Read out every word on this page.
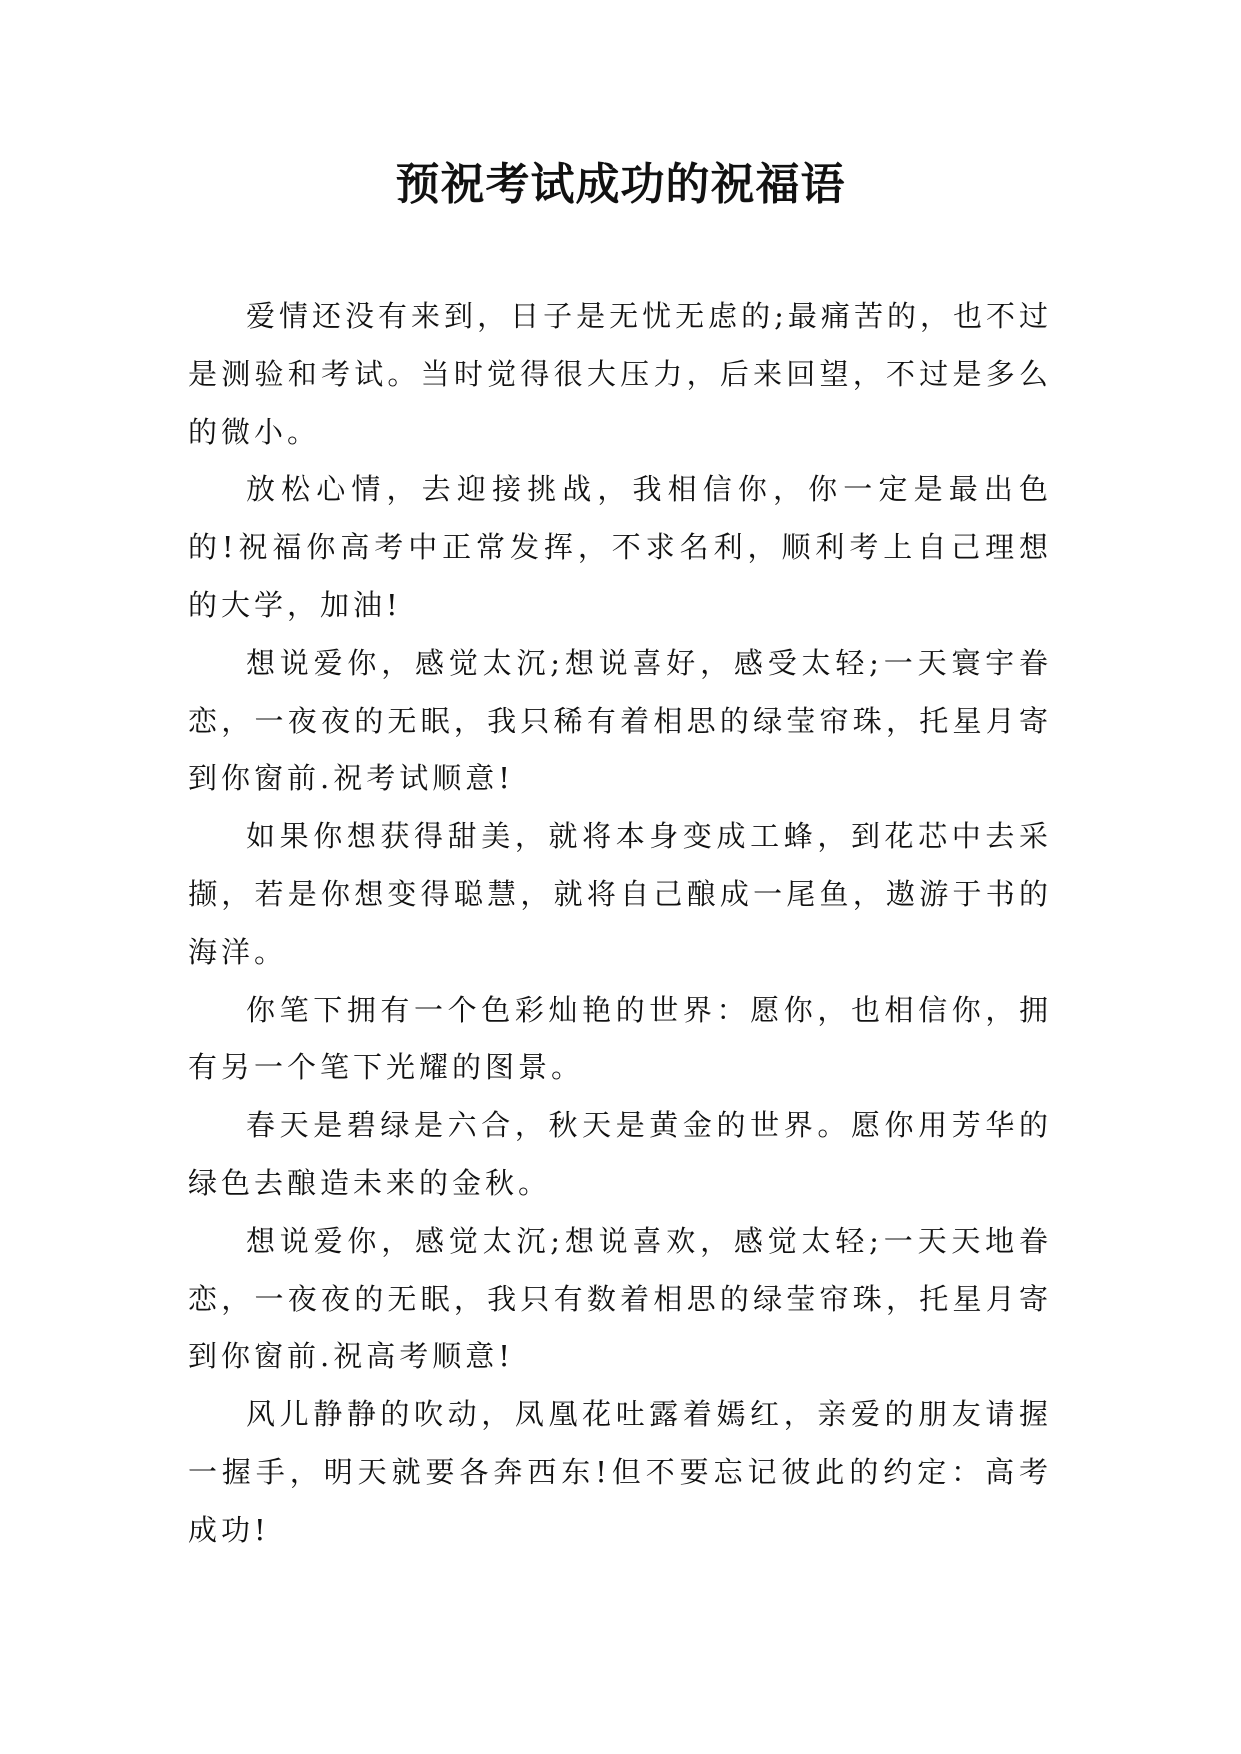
预祝考试成功的祝福语

爱情还没有来到，日子是无忧无虑的;最痛苦的，也不过是测验和考试。当时觉得很大压力，后来回望，不过是多么的微小。

放松心情，去迎接挑战，我相信你，你一定是最出色的!祝福你高考中正常发挥，不求名利，顺利考上自己理想的大学，加油!

想说爱你，感觉太沉;想说喜好，感受太轻;一天寰宇眷恋，一夜夜的无眠，我只稀有着相思的绿莹帘珠，托星月寄到你窗前.祝考试顺意!

如果你想获得甜美，就将本身变成工蜂，到花芯中去采撷，若是你想变得聪慧，就将自己酿成一尾鱼，遨游于书的海洋。

你笔下拥有一个色彩灿艳的世界：愿你，也相信你，拥有另一个笔下光耀的图景。

春天是碧绿是六合，秋天是黄金的世界。愿你用芳华的绿色去酿造未来的金秋。

想说爱你，感觉太沉;想说喜欢，感觉太轻;一天天地眷恋，一夜夜的无眠，我只有数着相思的绿莹帘珠，托星月寄到你窗前.祝高考顺意!

风儿静静的吹动，凤凰花吐露着嫣红，亲爱的朋友请握一握手，明天就要各奔西东!但不要忘记彼此的约定：高考成功!
